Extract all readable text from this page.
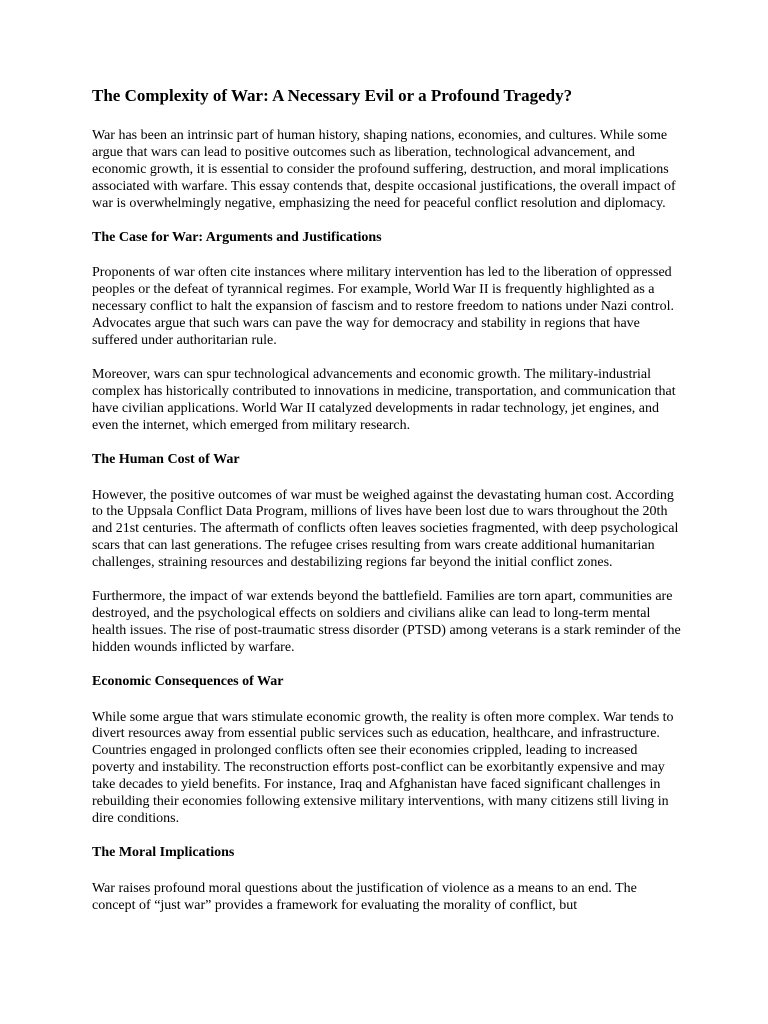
The Complexity of War: A Necessary Evil or a Profound Tragedy?

War has been an intrinsic part of human history, shaping nations, economies, and cultures. While some argue that wars can lead to positive outcomes such as liberation, technological advancement, and economic growth, it is essential to consider the profound suffering, destruction, and moral implications associated with warfare. This essay contends that, despite occasional justifications, the overall impact of war is overwhelmingly negative, emphasizing the need for peaceful conflict resolution and diplomacy.

The Case for War: Arguments and Justifications

Proponents of war often cite instances where military intervention has led to the liberation of oppressed peoples or the defeat of tyrannical regimes. For example, World War II is frequently highlighted as a necessary conflict to halt the expansion of fascism and to restore freedom to nations under Nazi control. Advocates argue that such wars can pave the way for democracy and stability in regions that have suffered under authoritarian rule.

Moreover, wars can spur technological advancements and economic growth. The military-industrial complex has historically contributed to innovations in medicine, transportation, and communication that have civilian applications. World War II catalyzed developments in radar technology, jet engines, and even the internet, which emerged from military research.

The Human Cost of War

However, the positive outcomes of war must be weighed against the devastating human cost. According to the Uppsala Conflict Data Program, millions of lives have been lost due to wars throughout the 20th and 21st centuries. The aftermath of conflicts often leaves societies fragmented, with deep psychological scars that can last generations. The refugee crises resulting from wars create additional humanitarian challenges, straining resources and destabilizing regions far beyond the initial conflict zones.

Furthermore, the impact of war extends beyond the battlefield. Families are torn apart, communities are destroyed, and the psychological effects on soldiers and civilians alike can lead to long-term mental health issues. The rise of post-traumatic stress disorder (PTSD) among veterans is a stark reminder of the hidden wounds inflicted by warfare.

Economic Consequences of War

While some argue that wars stimulate economic growth, the reality is often more complex. War tends to divert resources away from essential public services such as education, healthcare, and infrastructure. Countries engaged in prolonged conflicts often see their economies crippled, leading to increased poverty and instability. The reconstruction efforts post-conflict can be exorbitantly expensive and may take decades to yield benefits. For instance, Iraq and Afghanistan have faced significant challenges in rebuilding their economies following extensive military interventions, with many citizens still living in dire conditions.

The Moral Implications

War raises profound moral questions about the justification of violence as a means to an end. The concept of “just war” provides a framework for evaluating the morality of conflict, but
